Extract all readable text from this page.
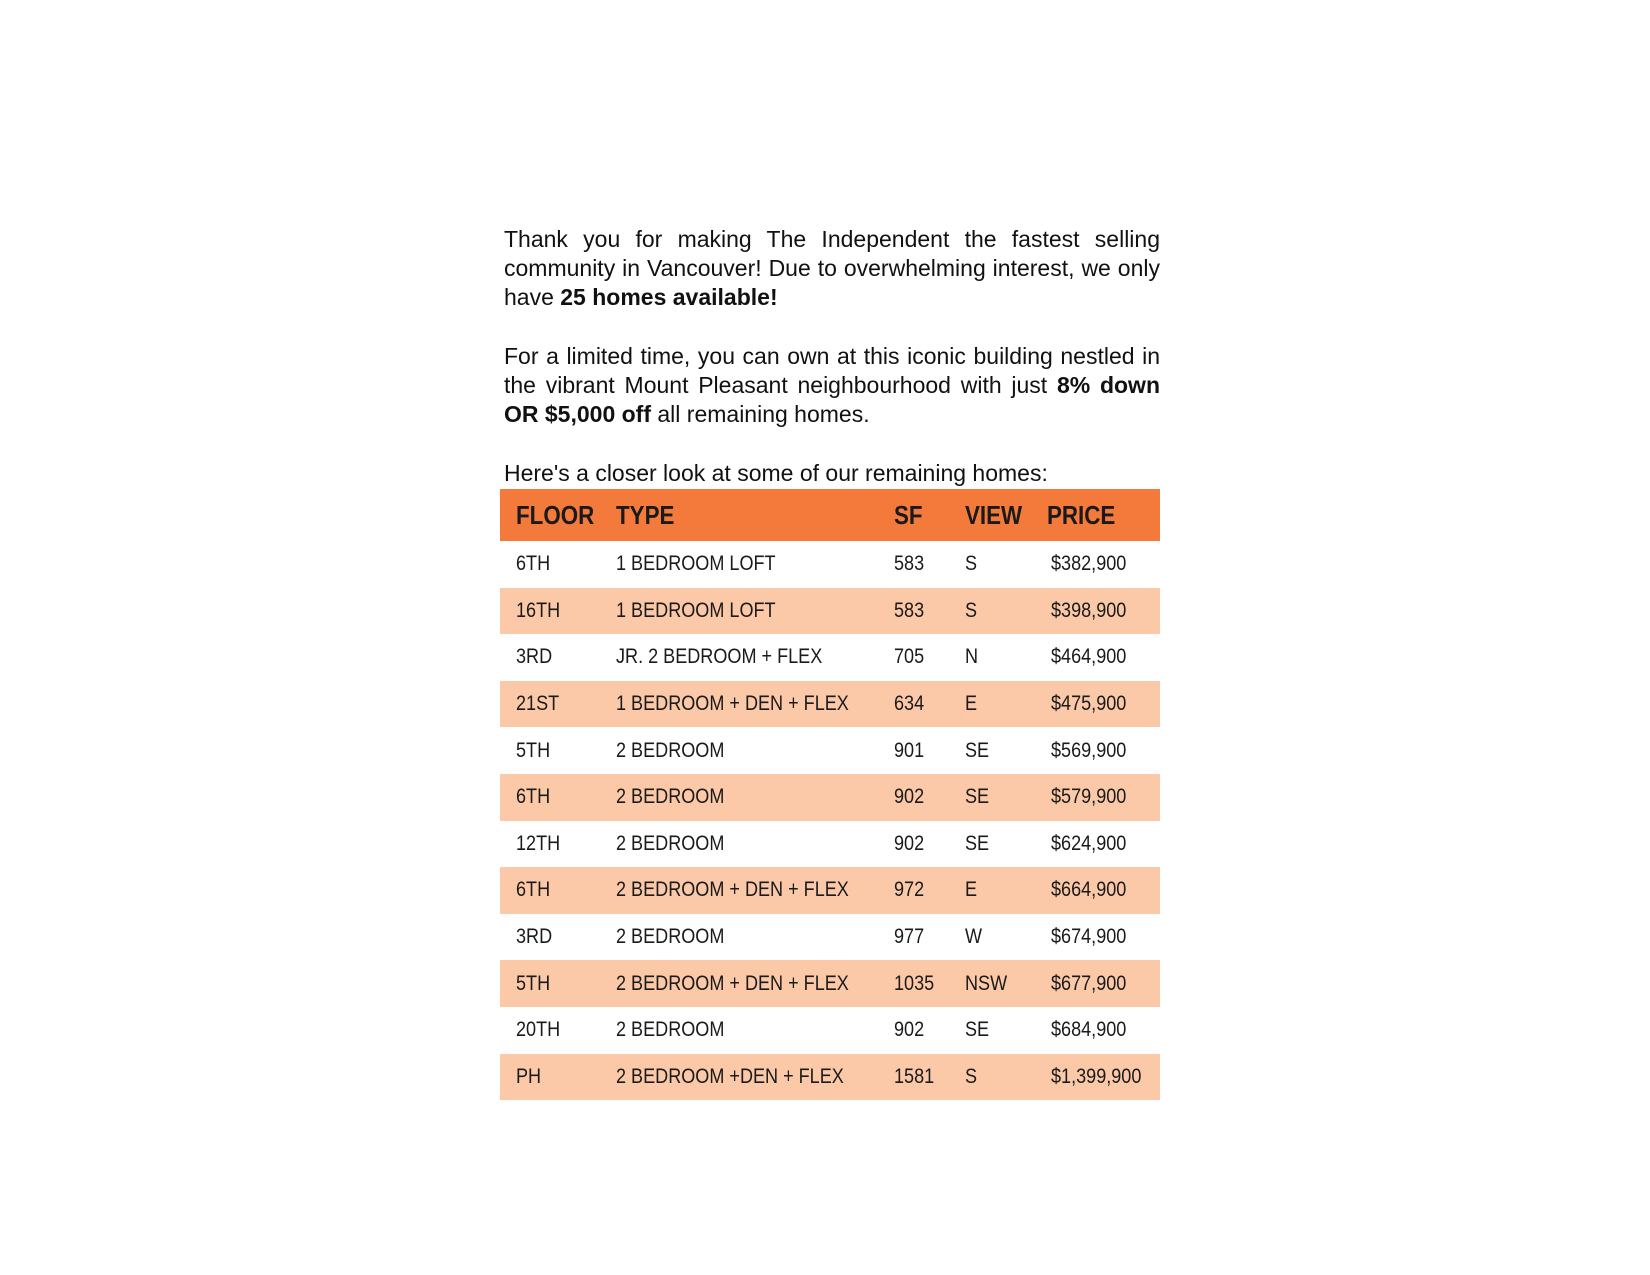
Thank you for making The Independent the fastest selling community in Vancouver! Due to overwhelming interest, we only have 25 homes available!

For a limited time, you can own at this iconic building nestled in the vibrant Mount Pleasant neighbourhood with just 8% down OR $5,000 off all remaining homes.

Here's a closer look at some of our remaining homes:

FLOOR	TYPE	SF	VIEW	PRICE
6TH	1 BEDROOM LOFT	583	S	$382,900
16TH	1 BEDROOM LOFT	583	S	$398,900
3RD	JR. 2 BEDROOM + FLEX	705	N	$464,900
21ST	1 BEDROOM + DEN + FLEX	634	E	$475,900
5TH	2 BEDROOM	901	SE	$569,900
6TH	2 BEDROOM	902	SE	$579,900
12TH	2 BEDROOM	902	SE	$624,900
6TH	2 BEDROOM + DEN + FLEX	972	E	$664,900
3RD	2 BEDROOM	977	W	$674,900
5TH	2 BEDROOM + DEN + FLEX	1035	NSW	$677,900
20TH	2 BEDROOM	902	SE	$684,900
PH	2 BEDROOM +DEN + FLEX	1581	S	$1,399,900
